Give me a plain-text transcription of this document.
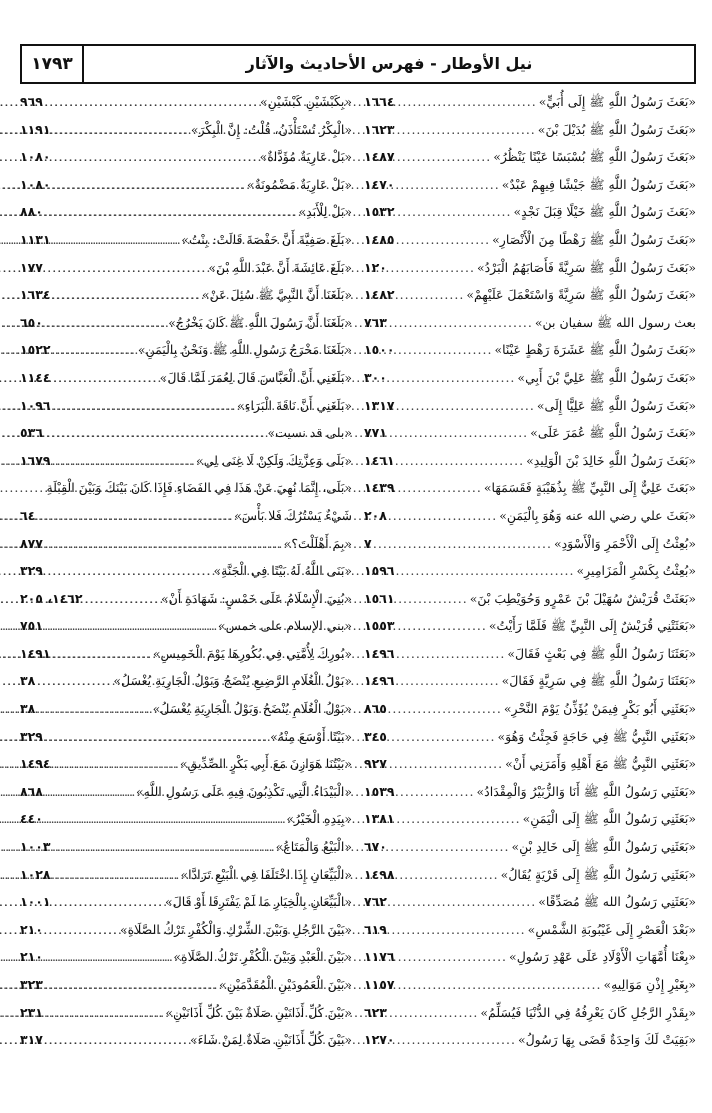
نيل الأوطار - فهرس الأحاديث والآثار
١٧٩٣
«بَعَثَ رَسُولُ اللَّهِ ﷺ إِلَى أُبَيٍّ»
.....
١٦٦٤
«بَعَثَ رَسُولُ اللَّهِ ﷺ بُدَيْلَ بْنَ»
.....
١٦٢٣
«بَعَثَ رَسُولُ اللَّهِ ﷺ بُسْبَسًا عَيْنًا يَنْظُرُ»
.....
١٤٨٧
«بَعَثَ رَسُولُ اللَّهِ ﷺ جَيْشًا فِيهِمْ عَبْدٌ»
.....
١٤٧٠
«بَعَثَ رَسُولُ اللَّهِ ﷺ خَيْلًا قِبَلَ نَجْدٍ»
.....
١٥٣٢
«بَعَثَ رَسُولُ اللَّهِ ﷺ رَهْطًا مِنَ الْأَنْصَارِ»
.....
١٤٨٥
«بَعَثَ رَسُولُ اللَّهِ ﷺ سَرِيَّةً فَأَصَابَهُمُ الْبَرْدُ»
.....
١٢٠
«بَعَثَ رَسُولُ اللَّهِ ﷺ سَرِيَّةً وَاسْتَعْمَلَ عَلَيْهِمْ»
.....
١٤٨٢
بعث رسول الله ﷺ سفيان بن»
.....
٧٦٣
«بَعَثَ رَسُولُ اللَّهِ ﷺ عَشَرَةَ رَهْطٍ عَيْنًا»
.....
١٥٠٠
«بَعَثَ رَسُولُ اللَّهِ ﷺ عَلِيَّ بْنَ أَبِي»
.....
٣٠٠
«بَعَثَ رَسُولُ اللَّهِ ﷺ عَلِيًّا إِلَى»
.....
١٣١٧
«بَعَثَ رَسُولُ اللَّهِ ﷺ عُمَرَ عَلَى»
.....
٧٧١
«بَعَثَ رَسُولُ اللَّهِ خَالِدَ بْنَ الْوَلِيدِ»
.....
١٤٦١
«بَعَثَ عَلِيٌّ إِلَى النَّبِيِّ ﷺ بِذُهَيْبَةٍ فَقَسَمَهَا»
.....
١٤٣٩
«بَعَثَ علي رضي الله عنه وَهُوَ بِالْيَمَنِ»
.....
٢٠٨
«بُعِثْتُ إِلَى الْأَحْمَرِ وَالْأَسْوَدِ»
.....
٧
«بُعِثْتُ بِكَسْرِ الْمَزَامِيرِ»
.....
١٥٩٦
«بَعَثَتْ قُرَيْشٌ سُهَيْلَ بْنَ عَمْرٍو وَحُوَيْطِبَ بْنَ»
.....
١٥٦١
«بَعَثَتْنِي قُرَيْشٌ إِلَى النَّبِيِّ ﷺ فَلَمَّا رَأَيْتُ»
.....
١٥٥٣
«بَعَثَنَا رَسُولُ اللَّهِ ﷺ فِي بَعْثٍ فَقَالَ»
.....
١٤٩٦
«بَعَثَنَا رَسُولُ اللَّهِ ﷺ فِي سَرِيَّةٍ فَقَالَ»
.....
١٤٩٦
«بَعَثَنِي أَبُو بَكْرٍ فِيمَنْ يُؤَذِّنُ يَوْمَ النَّحْرِ»
.....
٨٦٥
«بَعَثَنِي النَّبِيُّ ﷺ فِي حَاجَةٍ فَجِئْتُ وَهُوَ»
.....
٣٤٥
«بَعَثَنِي النَّبِيُّ ﷺ مَعَ أَهْلِهِ وَأَمَرَنِي أَنْ»
.....
٩٢٧
«بَعَثَنِي رَسُولُ اللَّهِ ﷺ أَنَا وَالزُّبَيْرُ وَالْمِقْدَادُ»
.....
١٥٣٩
«بَعَثَنِي رَسُولُ اللَّهِ ﷺ إِلَى الْيَمَنِ»
.....
١٣٨١
«بَعَثَنِي رَسُولُ اللَّهِ ﷺ إِلَى خَالِدِ بْنِ»
.....
٦٧٠
«بَعَثَنِي رَسُولُ اللَّهِ ﷺ إِلَى قَرْيَةٍ يُقَالُ»
.....
١٤٩٨
«بَعَثَنِي رَسُولُ الله ﷺ مُصَدِّقًا»
.....
٧٦٢
«بَعْدَ الْعَصْرِ إِلَى غَيْبُوبَةِ الشَّمْسِ»
.....
٦١٩
«بِعْنَا أُمَّهَاتِ الْأَوْلَادِ عَلَى عَهْدِ رَسُولِ»
.....
١١٧٦
«بِغَيْرِ إِذْنِ مَوَالِيهِ»
.....
١١٥٧
«بِقَدْرِ الرَّجُلِ كَانَ يَعْرِفُهُ فِي الدُّنْيَا فَيُسَلِّمُ»
.....
٦٢٣
«بَقِيَتْ لَكَ وَاحِدَةٌ قَضَى بِهَا رَسُولُ»
.....
١٢٧٠
«بِكَبْشَيْنِ كَبْشَيْنِ»
.....
٩٦٩
«الْبِكْرُ تُسْتَأْذَنُ، قُلْتُ: إِنَّ الْبِكْرَ»
.....
١١٩١
«بَلْ عَارِيَةٌ مُؤَدَّاةٌ»
.....
١٠٨٠
«بَلْ عَارِيَةٌ مَضْمُونَةٌ»
.....
١٠٨٠
«بَلْ لِلْأَبَدِ»
.....
٨٨٠
«بَلَغَ صَفِيَّةَ أَنَّ حَفْصَةَ قَالَتْ: بِنْتُ»
.....
١١٣١
«بَلَغَ عَائِشَةَ أَنَّ عَبْدَ اللَّهِ بْنَ»
.....
١٧٧
«بَلَغَنَا أَنَّ النَّبِيَّ ﷺ سُئِلَ عَنْ»
.....
١٦٣٤
«بَلَغَنَا أَنَّ رَسُولَ اللَّهِ ﷺ كَانَ يَخْرُجُ»
.....
٦٥٠
«بَلَغَنَا مَخْرَجُ رَسُولِ اللَّهِ ﷺ وَنَحْنُ بِالْيَمَنِ»
.....
١٥٢٢
«بَلَغَنِي أَنَّ الْعَبَّاسَ قَالَ لِعُمَرَ لَمَّا قَالَ»
.....
١١٤٤
«بَلَغَنِي أَنَّ نَاقَةَ الْبَرَاءِ»
.....
١٠٩٦
«بلى قد نسيت»
.....
٥٣٦
«بَلَى وَعِزَّتِكَ وَلَكِنْ لَا غِنَى لِي»
.....
١٦٧٩
«بَلَى، إِنَّمَا نُهِيَ عَنْ هَذَا فِي الفَضَاءِ فَإِذَا كَانَ بَيْنَكَ وَبَيْنَ الْقِبْلَةِ
شَيْءٌ يَسْتُرُكَ فَلا بَأْسَ»
.....
٦٤
«بِمَ أَهْلَلْتَ؟»
.....
٨٧٧
«بَنَى اللَّهُ لَهُ بَيْتًا فِي الْجَنَّةِ»
.....
٣٢٩
«بُنِيَ الْإِسْلَامُ عَلَى خَمْسٍ: شَهَادَةِ أَنْ»
.....
١٤٦٢، ٢٠٥
«بني الإسلام على خمس»
.....
٧٥١
«بُورِكَ لِأُمَّتِي فِي بُكُورِهَا يَوْمَ الْخَمِيسِ»
.....
١٤٩١
«بَوْلُ الْغُلَامِ الرَّضِيعِ يُنْضَحُ وَبَوْلُ الْجَارِيَةِ يُغْسَلُ»
.....
٣٨
«بَوْلُ الْغُلَامِ يُنْضَحُ وَبَوْلُ الْجَارِيَةِ يُغْسَلُ»
.....
٣٨
«بَيْتًا أَوْسَعَ مِنْهُ»
.....
٣٢٩
«بَيْتُنَا هَوَازِنَ مَعَ أَبِي بَكْرٍ الصِّدِّيقِ»
.....
١٤٩٤
«الْبَيْدَاءُ الَّتِي تَكْذِبُونَ فِيهِ عَلَى رَسُولِ اللَّهِ»
.....
٨٦٨
«بِيَدِهِ الْخَيْرُ»
.....
٤٤٠
«الْبَيْعُ وَالْمَتَاعُ»
.....
١٠٠٣
«الْبَيِّعَانِ إِذَا اخْتَلَفَا فِي الْبَيْعِ تَرَادَّا»
.....
١٠٢٨
«الْبَيِّعَانِ بِالْخِيَارِ مَا لَمْ يَفْتَرِقَا أَوْ قَالَ»
.....
١٠٠١
«بَيْنَ الرَّجُلِ وَبَيْنَ الشِّرْكِ وَالْكُفْرِ تَرْكُ الصَّلَاةِ»
.....
٢١٠
«بَيْنَ الْعَبْدِ وَبَيْنَ الْكُفْرِ تَرْكُ الصَّلَاةِ»
.....
٢١٠
«بَيْنَ الْعَمُودَيْنِ الْمُقَدَّمَيْنِ»
.....
٣٢٣
«بَيْنَ كُلِّ أَذَانَيْنِ صَلَاةٌ بَيْنَ كُلِّ أَذَانَيْنِ»
.....
٢٣١
«بَيْنَ كُلِّ أَذَانَيْنِ صَلَاةٌ لِمَنْ شَاءَ»
.....
٣١٧
